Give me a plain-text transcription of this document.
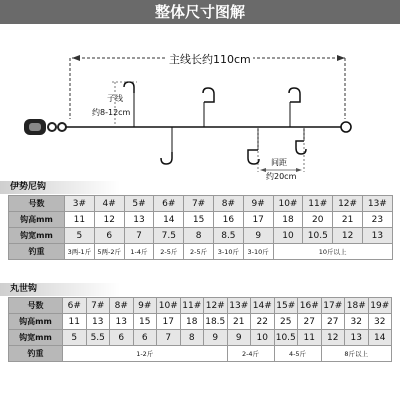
整体尺寸图解
主线长约110cm
子线
约8-12cm
间距
约20cm
伊势尼钩
号数	3#	4#	5#	6#	7#	8#	9#	10#	11#	12#	13#
钩高mm	11	12	13	14	15	16	17	18	20	21	23
钩宽mm	5	6	7	7.5	8	8.5	9	10	10.5	12	13
钓重	3两-1斤	5两-2斤	1-4斤	2-5斤	2-5斤	3-10斤	3-10斤	10斤以上			
丸世钩
号数	6#	7#	8#	9#	10#	11#	12#	13#	14#	15#	16#	17#	18#	19#
钩高mm	11	13	13	15	17	18	18.5	21	22	25	27	27	32	32
钩宽mm	5	5.5	6	6	7	8	9	9	10	10.5	11	12	13	14
钓重	1-2斤							2-4斤		4-5斤		8斤以上		
